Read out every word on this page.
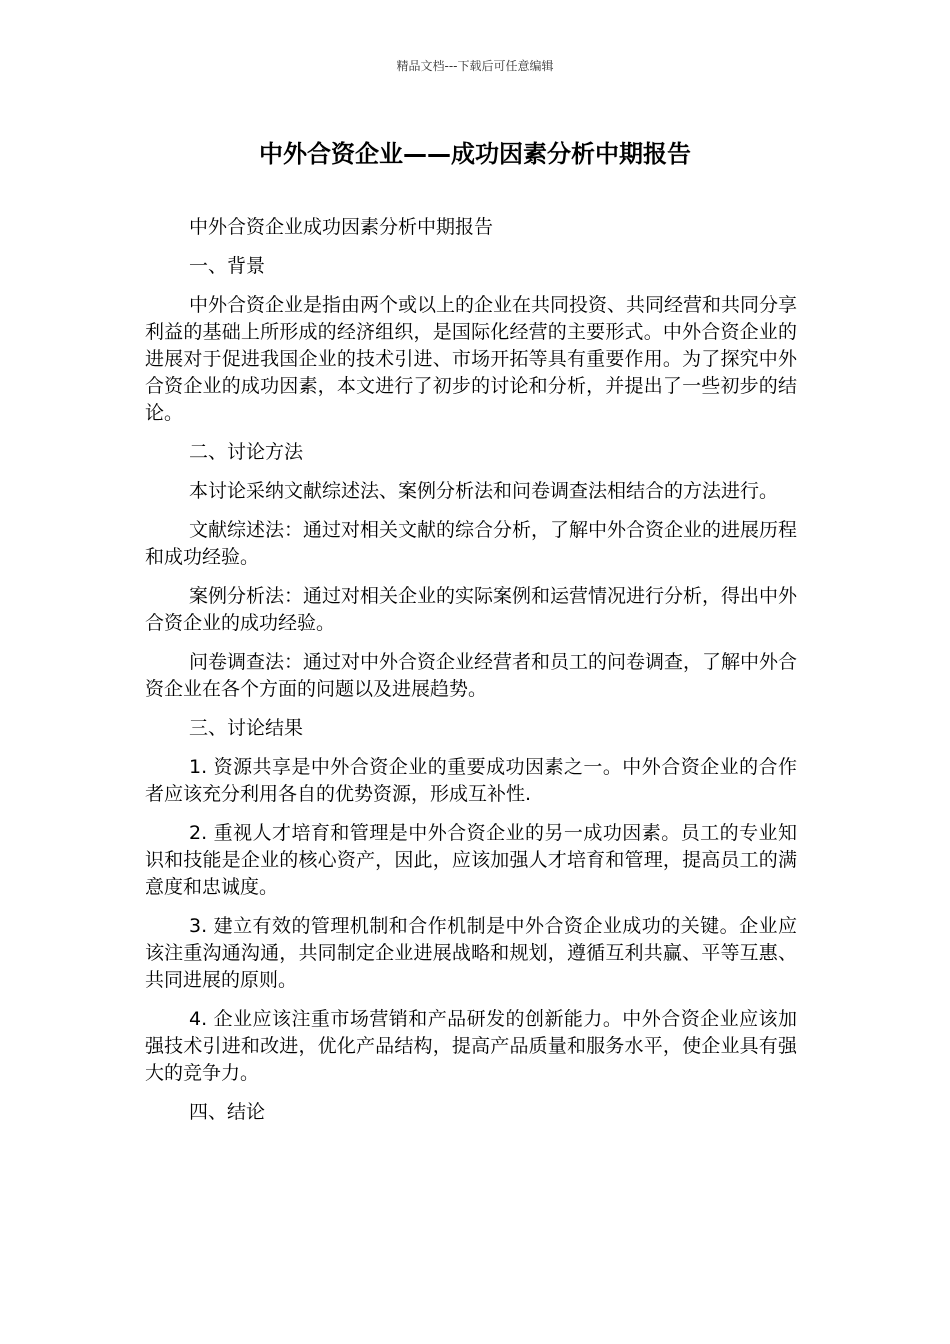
精品文档---下载后可任意编辑
中外合资企业——成功因素分析中期报告

中外合资企业成功因素分析中期报告

一、背景

中外合资企业是指由两个或以上的企业在共同投资、共同经营和共同分享利益的基础上所形成的经济组织，是国际化经营的主要形式。中外合资企业的进展对于促进我国企业的技术引进、市场开拓等具有重要作用。为了探究中外合资企业的成功因素，本文进行了初步的讨论和分析，并提出了一些初步的结论。

二、讨论方法

本讨论采纳文献综述法、案例分析法和问卷调查法相结合的方法进行。

文献综述法：通过对相关文献的综合分析，了解中外合资企业的进展历程和成功经验。

案例分析法：通过对相关企业的实际案例和运营情况进行分析，得出中外合资企业的成功经验。

问卷调查法：通过对中外合资企业经营者和员工的问卷调查，了解中外合资企业在各个方面的问题以及进展趋势。

三、讨论结果

1. 资源共享是中外合资企业的重要成功因素之一。中外合资企业的合作者应该充分利用各自的优势资源，形成互补性.

2. 重视人才培育和管理是中外合资企业的另一成功因素。员工的专业知识和技能是企业的核心资产，因此，应该加强人才培育和管理，提高员工的满意度和忠诚度。

3. 建立有效的管理机制和合作机制是中外合资企业成功的关键。企业应该注重沟通沟通，共同制定企业进展战略和规划，遵循互利共赢、平等互惠、共同进展的原则。

4. 企业应该注重市场营销和产品研发的创新能力。中外合资企业应该加强技术引进和改进，优化产品结构，提高产品质量和服务水平，使企业具有强大的竞争力。

四、结论
